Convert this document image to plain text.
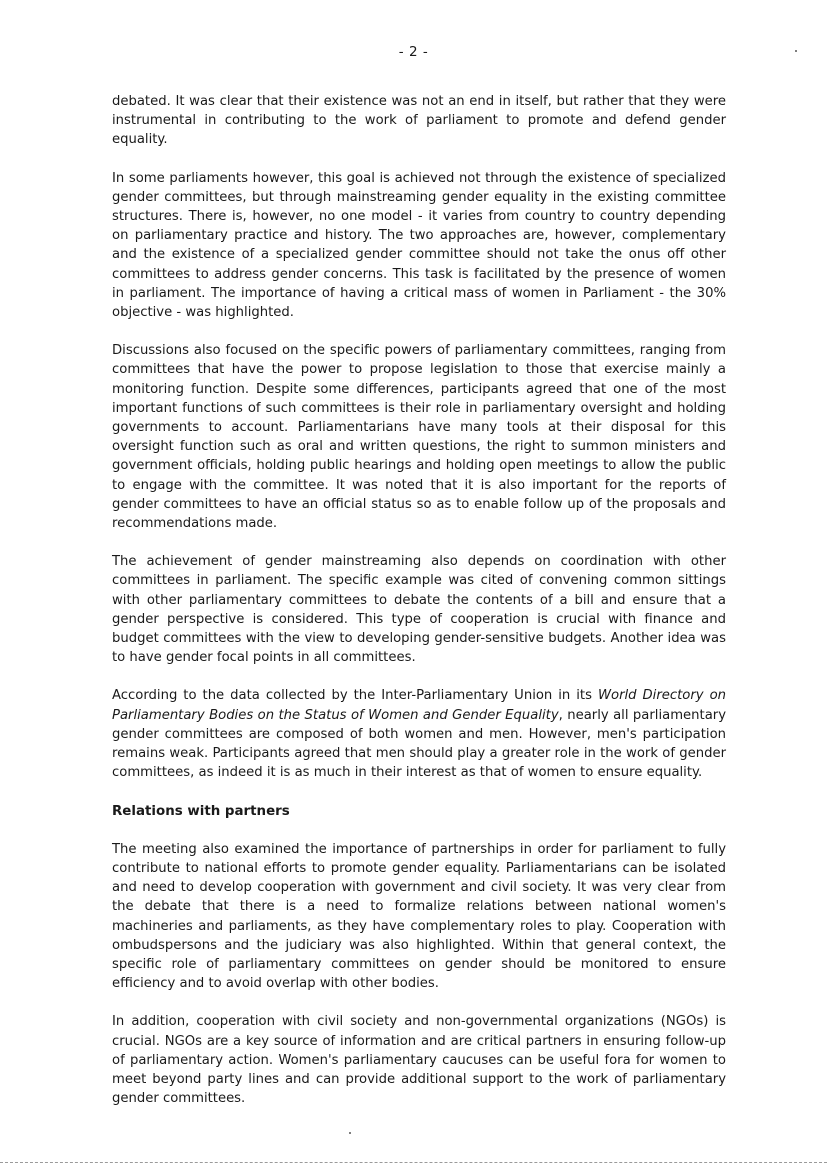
- 2 -

debated. It was clear that their existence was not an end in itself, but rather that they were instrumental in contributing to the work of parliament to promote and defend gender equality.

In some parliaments however, this goal is achieved not through the existence of specialized gender committees, but through mainstreaming gender equality in the existing committee structures. There is, however, no one model - it varies from country to country depending on parliamentary practice and history. The two approaches are, however, complementary and the existence of a specialized gender committee should not take the onus off other committees to address gender concerns. This task is facilitated by the presence of women in parliament. The importance of having a critical mass of women in Parliament - the 30% objective - was highlighted.

Discussions also focused on the specific powers of parliamentary committees, ranging from committees that have the power to propose legislation to those that exercise mainly a monitoring function. Despite some differences, participants agreed that one of the most important functions of such committees is their role in parliamentary oversight and holding governments to account. Parliamentarians have many tools at their disposal for this oversight function such as oral and written questions, the right to summon ministers and government officials, holding public hearings and holding open meetings to allow the public to engage with the committee. It was noted that it is also important for the reports of gender committees to have an official status so as to enable follow up of the proposals and recommendations made.

The achievement of gender mainstreaming also depends on coordination with other committees in parliament. The specific example was cited of convening common sittings with other parliamentary committees to debate the contents of a bill and ensure that a gender perspective is considered. This type of cooperation is crucial with finance and budget committees with the view to developing gender-sensitive budgets. Another idea was to have gender focal points in all committees.

According to the data collected by the Inter-Parliamentary Union in its World Directory on Parliamentary Bodies on the Status of Women and Gender Equality, nearly all parliamentary gender committees are composed of both women and men. However, men's participation remains weak. Participants agreed that men should play a greater role in the work of gender committees, as indeed it is as much in their interest as that of women to ensure equality.

Relations with partners

The meeting also examined the importance of partnerships in order for parliament to fully contribute to national efforts to promote gender equality. Parliamentarians can be isolated and need to develop cooperation with government and civil society. It was very clear from the debate that there is a need to formalize relations between national women's machineries and parliaments, as they have complementary roles to play. Cooperation with ombudspersons and the judiciary was also highlighted. Within that general context, the specific role of parliamentary committees on gender should be monitored to ensure efficiency and to avoid overlap with other bodies.

In addition, cooperation with civil society and non-governmental organizations (NGOs) is crucial. NGOs are a key source of information and are critical partners in ensuring follow-up of parliamentary action. Women's parliamentary caucuses can be useful fora for women to meet beyond party lines and can provide additional support to the work of parliamentary gender committees.
